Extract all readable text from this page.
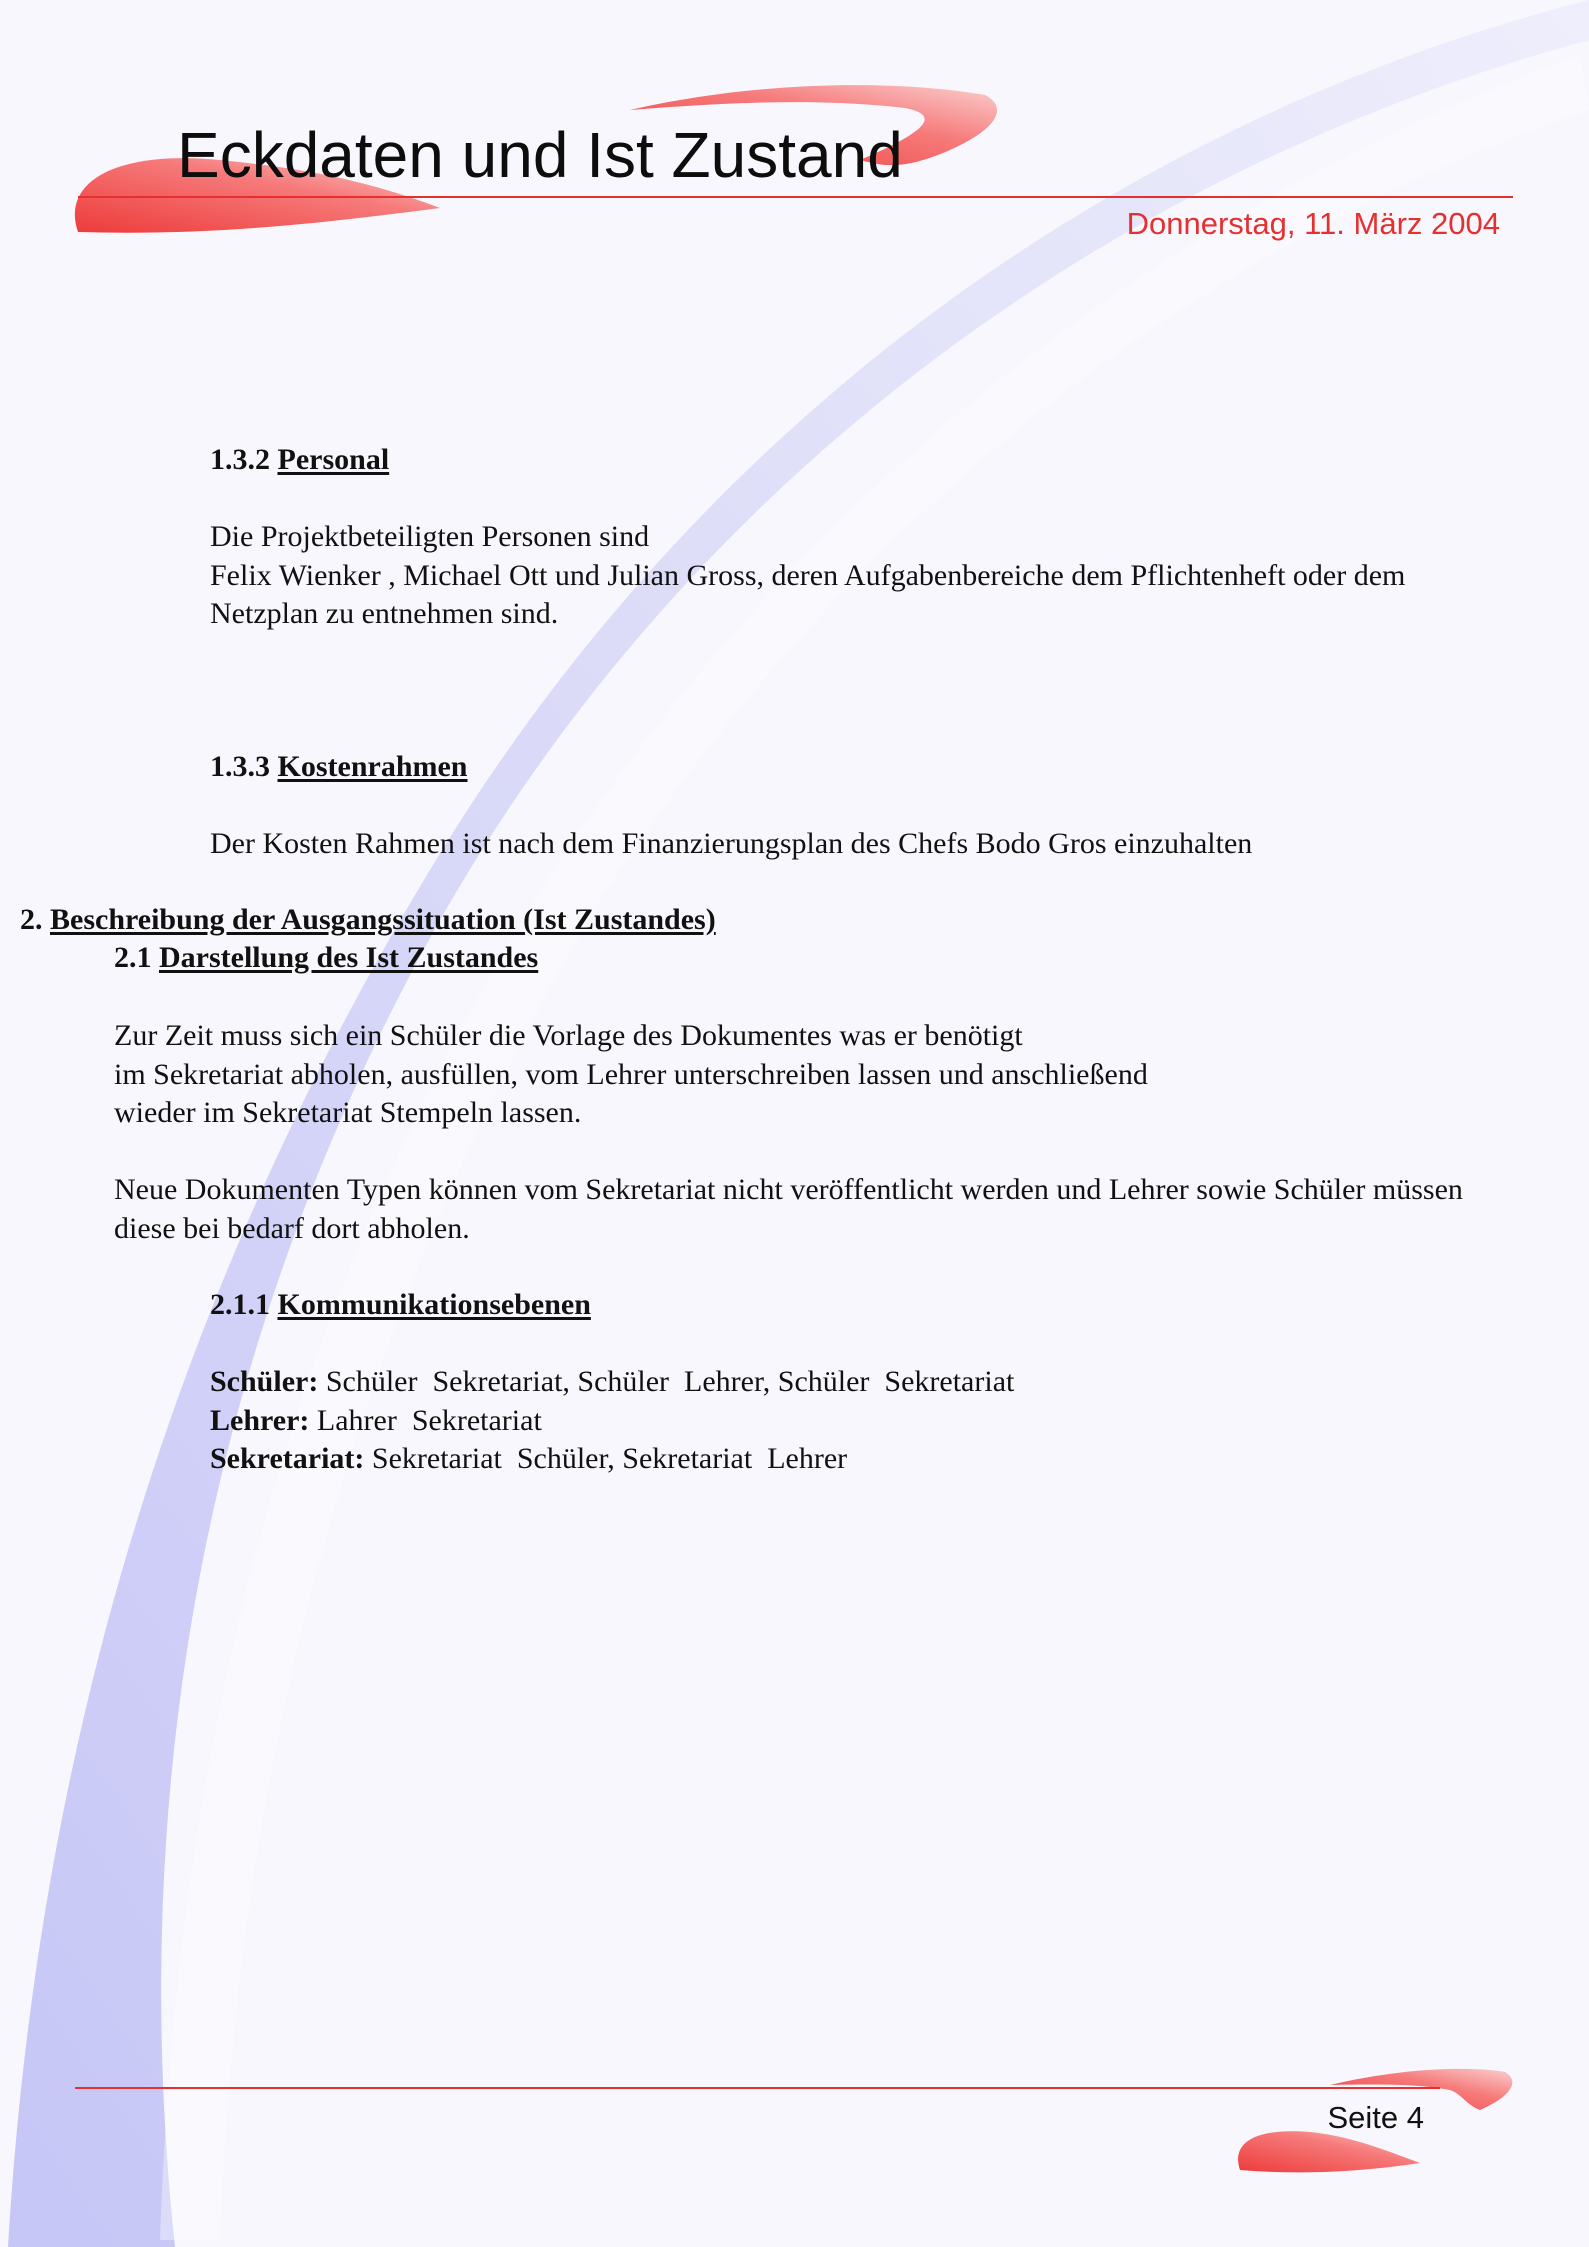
Eckdaten und Ist Zustand
Donnerstag, 11. März 2004
1.3.2 Personal

Die Projektbeteiligten Personen sind

Felix Wienker , Michael Ott und Julian Gross, deren Aufgabenbereiche dem Pflichtenheft oder dem

Netzplan zu entnehmen sind.

1.3.3 Kostenrahmen

Der Kosten Rahmen ist nach dem Finanzierungsplan des Chefs Bodo Gros einzuhalten

2. Beschreibung der Ausgangssituation (Ist Zustandes)
2.1 Darstellung des Ist Zustandes

Zur Zeit muss sich ein Schüler die Vorlage des Dokumentes was er benötigt

im Sekretariat abholen, ausfüllen, vom Lehrer unterschreiben lassen und anschließend

wieder im Sekretariat Stempeln lassen.

Neue Dokumenten Typen können vom Sekretariat nicht veröffentlicht werden und Lehrer sowie Schüler müssen

diese bei bedarf dort abholen.

2.1.1 Kommunikationsebenen

Schüler: Schüler  Sekretariat, Schüler  Lehrer, Schüler  Sekretariat

Lehrer: Lahrer  Sekretariat

Sekretariat: Sekretariat  Schüler, Sekretariat  Lehrer

Seite 4
